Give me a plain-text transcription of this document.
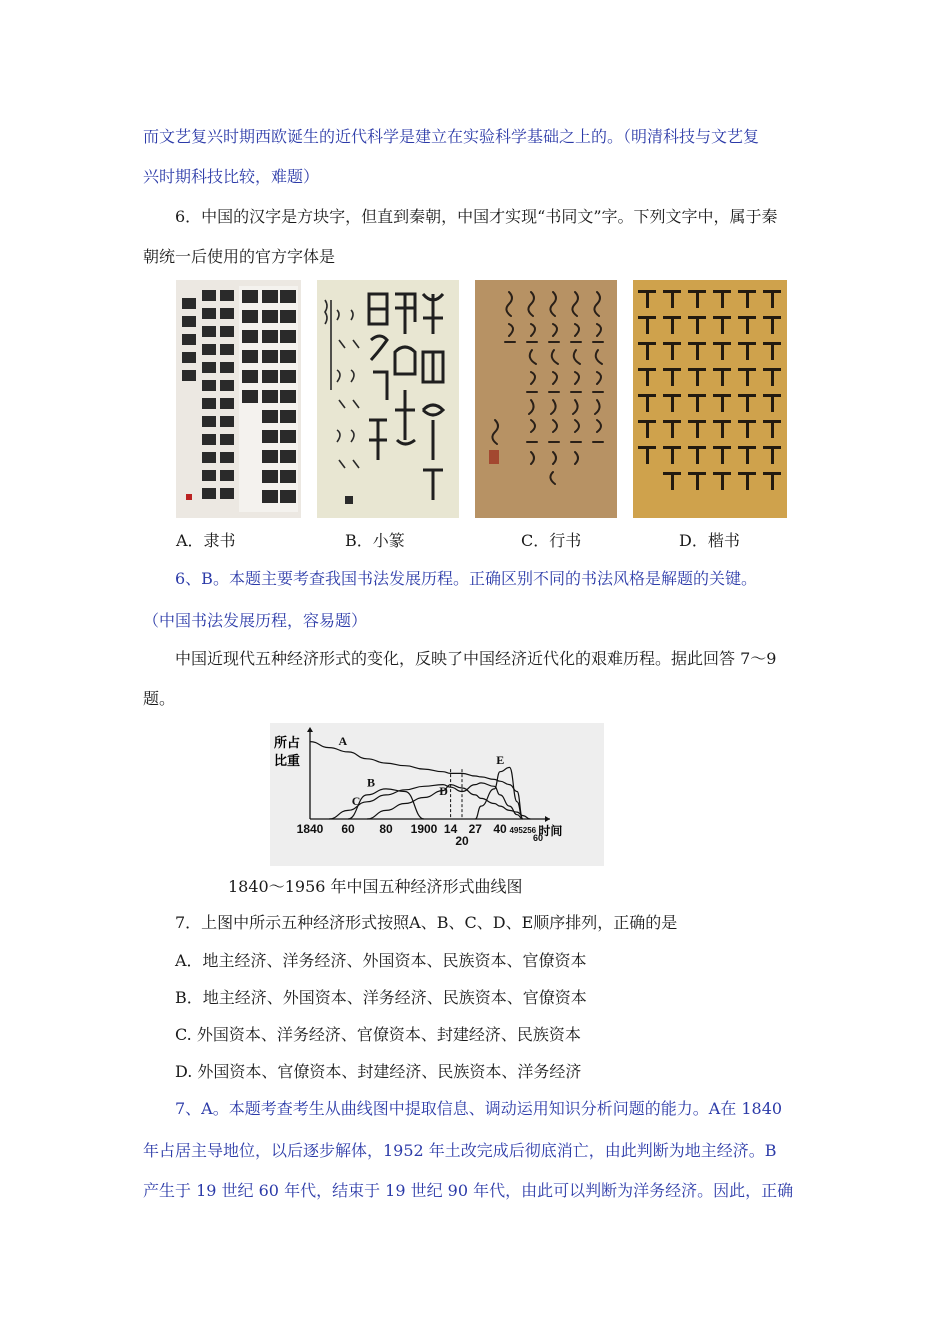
而文艺复兴时期西欧诞生的近代科学是建立在实验科学基础之上的。（明清科技与文艺复
兴时期科技比较，难题）
6．中国的汉字是方块字，但直到秦朝，中国才实现“书同文”字。下列文字中，属于秦
朝统一后使用的官方字体是
A．隶书	B．小篆	C．行书	D．楷书
6、B。本题主要考查我国书法发展历程。正确区别不同的书法风格是解题的关键。
（中国书法发展历程，容易题）
中国近现代五种经济形式的变化，反映了中国经济近代化的艰难历程。据此回答 7～9
题。
1840 60 80 1900 14
20
27 40 495256
60
A
B
C
D
E
所占比重
时间
1840～1956 年中国五种经济形式曲线图
7．上图中所示五种经济形式按照A、B、C、D、E顺序排列，正确的是
A．地主经济、洋务经济、外国资本、民族资本、官僚资本
B．地主经济、外国资本、洋务经济、民族资本、官僚资本
C. 外国资本、洋务经济、官僚资本、封建经济、民族资本
D. 外国资本、官僚资本、封建经济、民族资本、洋务经济
7、A。本题考查考生从曲线图中提取信息、调动运用知识分析问题的能力。A在 1840
年占居主导地位，以后逐步解体，1952 年土改完成后彻底消亡，由此判断为地主经济。B
产生于 19 世纪 60 年代，结束于 19 世纪 90 年代，由此可以判断为洋务经济。因此，正确
